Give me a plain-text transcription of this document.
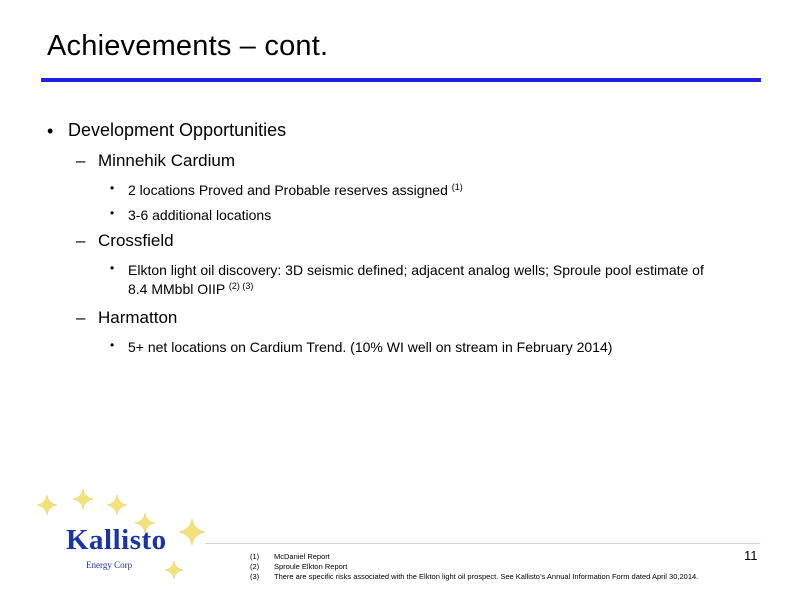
Achievements – cont.
• Development Opportunities
– Minnehik Cardium
• 2 locations Proved and Probable reserves assigned $^{(1)}$
• 3-6 additional locations
– Crossfield
• Elkton light oil discovery: 3D seismic defined; adjacent analog wells; Sproule pool estimate of 8.4 MMbbl OIIP $^{(2) (3)}$
– Harmatton
• 5+ net locations on Cardium Trend. (10% WI well on stream in February 2014)
Kallisto
Energy Corp
11
(1) McDaniel Report
(2) Sproule Elkton Report
(3) There are specific risks associated with the Elkton light oil prospect. See Kallisto’s Annual Information Form dated April 30,2014.
